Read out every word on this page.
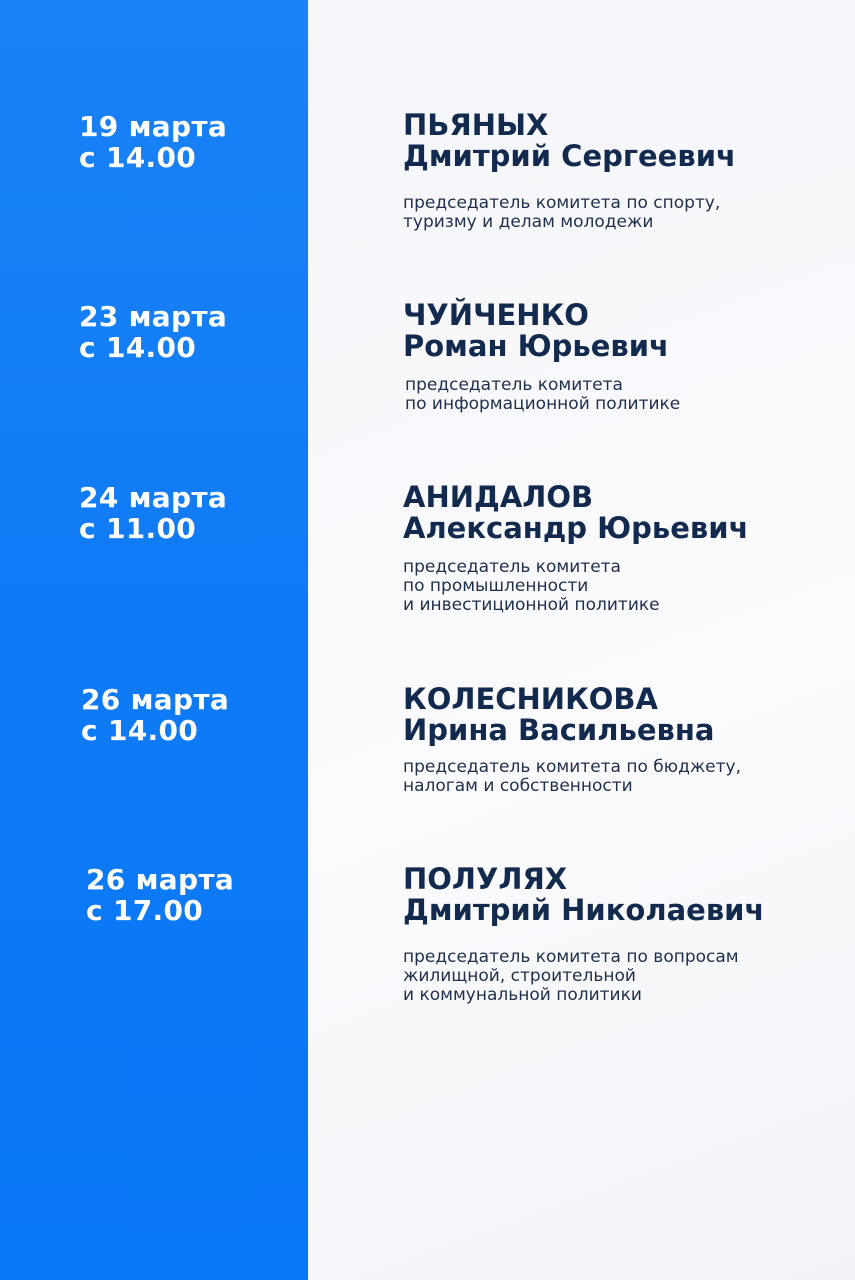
19 марта
с 14.00
ПЬЯНЫХ
Дмитрий Сергеевич
председатель комитета по спорту,
туризму и делам молодежи
23 марта
с 14.00
ЧУЙЧЕНКО
Роман Юрьевич
председатель комитета
по информационной политике
24 марта
с 11.00
АНИДАЛОВ
Александр Юрьевич
председатель комитета
по промышленности
и инвестиционной политике
26 марта
с 14.00
КОЛЕСНИКОВА
Ирина Васильевна
председатель комитета по бюджету,
налогам и собственности
26 марта
с 17.00
ПОЛУЛЯХ
Дмитрий Николаевич
председатель комитета по вопросам
жилищной, строительной
и коммунальной политики
